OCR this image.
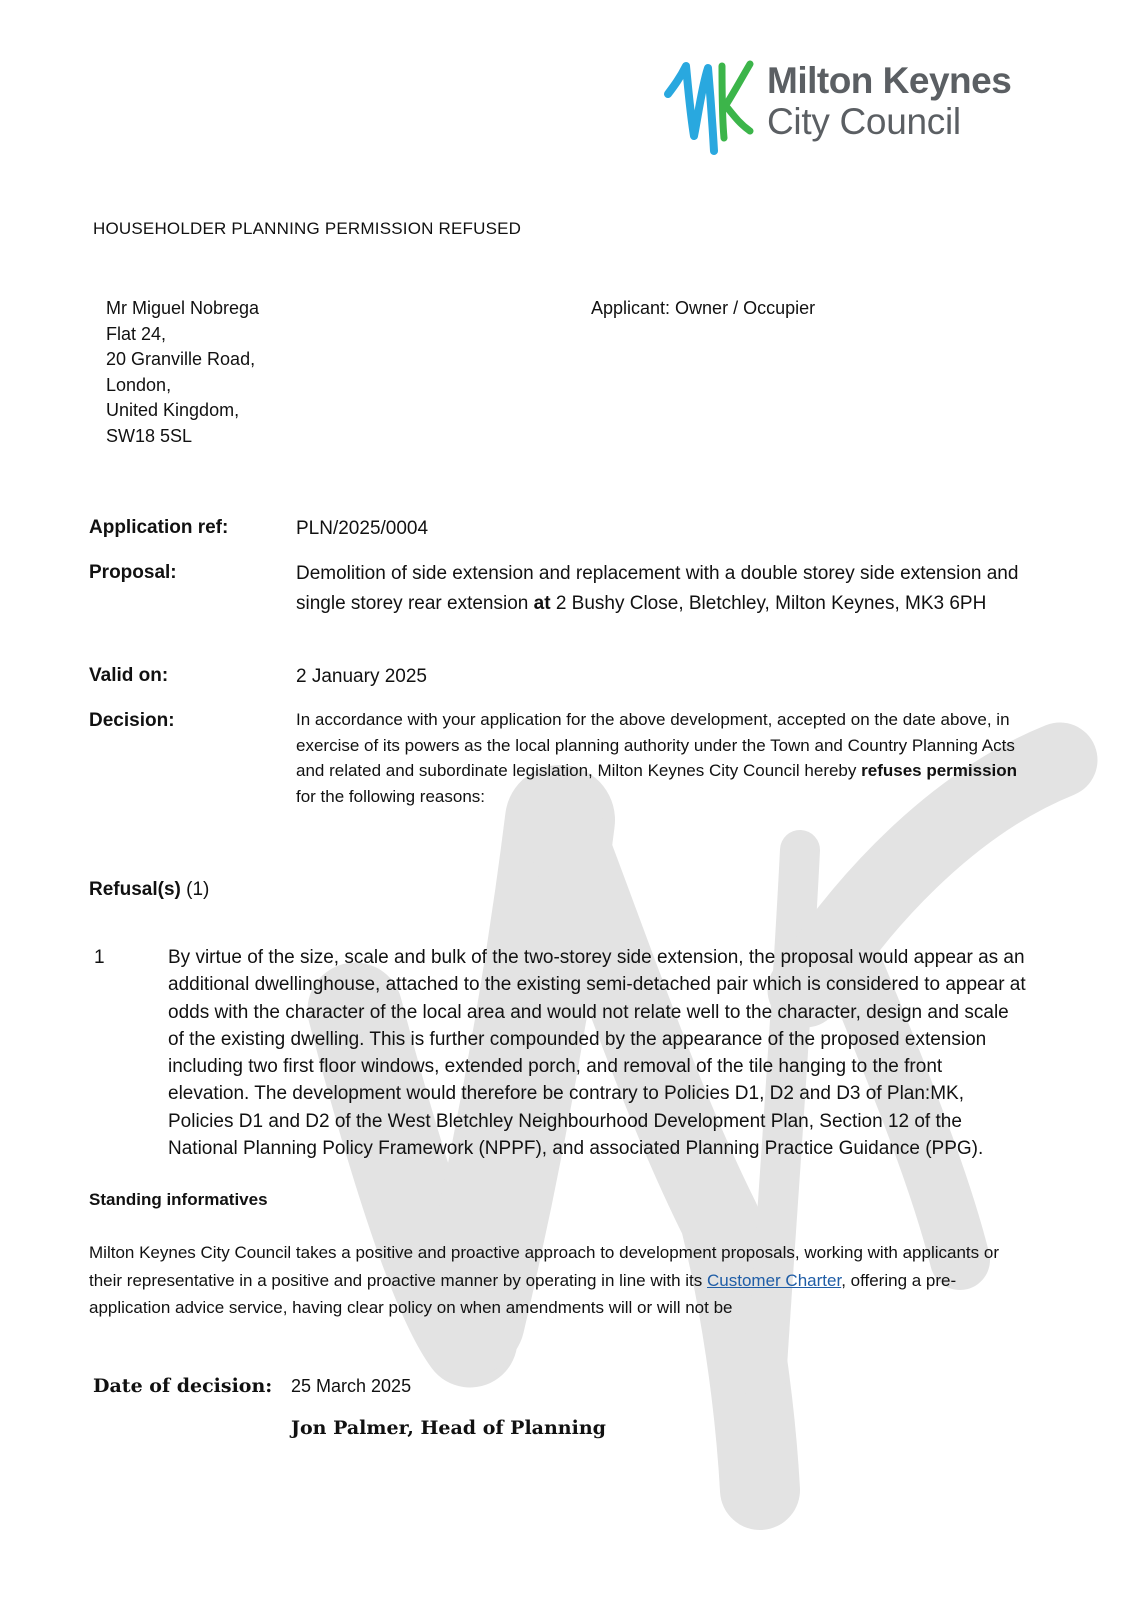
Milton Keynes
City Council
HOUSEHOLDER PLANNING PERMISSION REFUSED
Mr Miguel Nobrega
Flat 24,
20 Granville Road,
London,
United Kingdom,
SW18 5SL
Applicant: Owner / Occupier
Application ref:	PLN/2025/0004
Proposal:	Demolition of side extension and replacement with a double storey side extension and single storey rear extension at 2 Bushy Close, Bletchley, Milton Keynes, MK3 6PH
Valid on:	2 January 2025
Decision:	In accordance with your application for the above development, accepted on the date above, in exercise of its powers as the local planning authority under the Town and Country Planning Acts and related and subordinate legislation, Milton Keynes City Council hereby refuses permission for the following reasons:
Refusal(s) (1)
1	By virtue of the size, scale and bulk of the two-storey side extension, the proposal would appear as an additional dwellinghouse, attached to the existing semi-detached pair which is considered to appear at odds with the character of the local area and would not relate well to the character, design and scale of the existing dwelling. This is further compounded by the appearance of the proposed extension including two first floor windows, extended porch, and removal of the tile hanging to the front elevation. The development would therefore be contrary to Policies D1, D2 and D3 of Plan:MK, Policies D1 and D2 of the West Bletchley Neighbourhood Development Plan, Section 12 of the National Planning Policy Framework (NPPF), and associated Planning Practice Guidance (PPG).
Standing informatives
Milton Keynes City Council takes a positive and proactive approach to development proposals, working with applicants or their representative in a positive and proactive manner by operating in line with its Customer Charter, offering a pre-application advice service, having clear policy on when amendments will or will not be
Date of decision: 25 March 2025
Jon Palmer, Head of Planning
